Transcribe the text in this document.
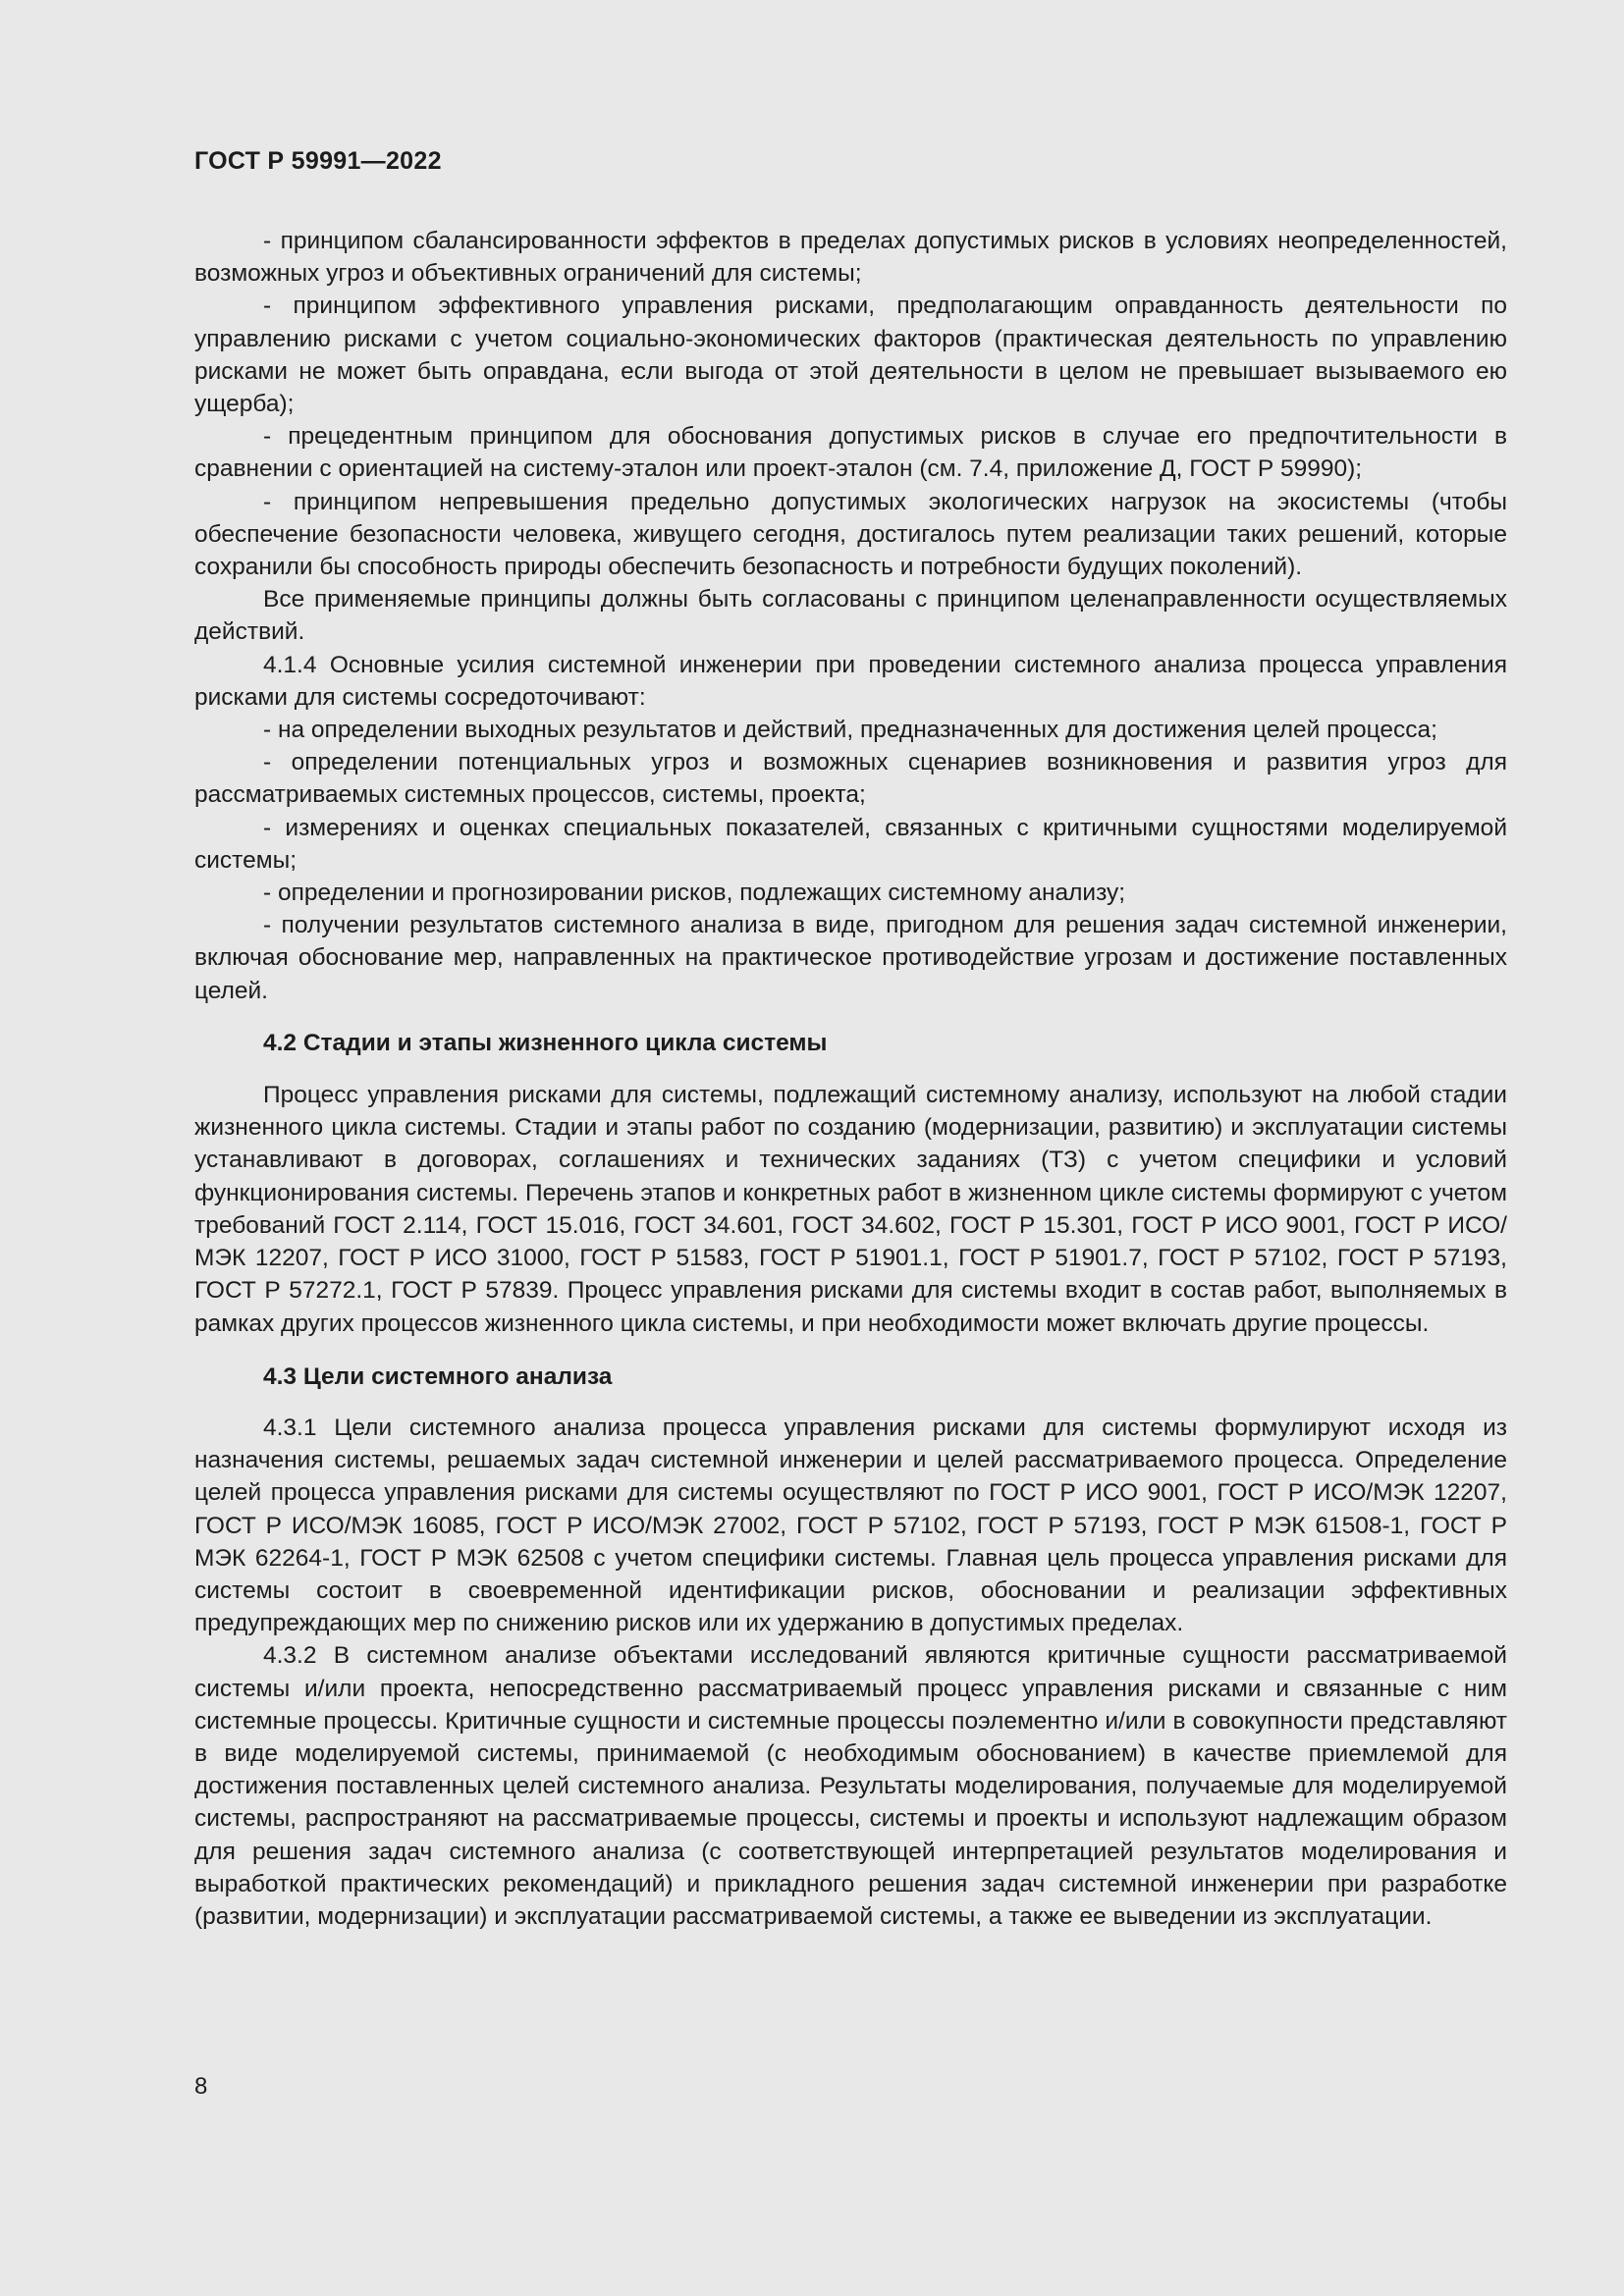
ГОСТ Р 59991—2022

- принципом сбалансированности эффектов в пределах допустимых рисков в условиях неопределенностей, возможных угроз и объективных ограничений для системы;

- принципом эффективного управления рисками, предполагающим оправданность деятельности по управлению рисками с учетом социально-экономических факторов (практическая деятельность по управлению рисками не может быть оправдана, если выгода от этой деятельности в целом не превышает вызываемого ею ущерба);

- прецедентным принципом для обоснования допустимых рисков в случае его предпочтительности в сравнении с ориентацией на систему-эталон или проект-эталон (см. 7.4, приложение Д, ГОСТ Р 59990);

- принципом непревышения предельно допустимых экологических нагрузок на экосистемы (чтобы обеспечение безопасности человека, живущего сегодня, достигалось путем реализации таких решений, которые сохранили бы способность природы обеспечить безопасность и потребности будущих поколений).

Все применяемые принципы должны быть согласованы с принципом целенаправленности осуществляемых действий.

4.1.4 Основные усилия системной инженерии при проведении системного анализа процесса управления рисками для системы сосредоточивают:

- на определении выходных результатов и действий, предназначенных для достижения целей процесса;

- определении потенциальных угроз и возможных сценариев возникновения и развития угроз для рассматриваемых системных процессов, системы, проекта;

- измерениях и оценках специальных показателей, связанных с критичными сущностями моделируемой системы;

- определении и прогнозировании рисков, подлежащих системному анализу;

- получении результатов системного анализа в виде, пригодном для решения задач системной инженерии, включая обоснование мер, направленных на практическое противодействие угрозам и достижение поставленных целей.

4.2 Стадии и этапы жизненного цикла системы

Процесс управления рисками для системы, подлежащий системному анализу, используют на любой стадии жизненного цикла системы. Стадии и этапы работ по созданию (модернизации, развитию) и эксплуатации системы устанавливают в договорах, соглашениях и технических заданиях (ТЗ) с учетом специфики и условий функционирования системы. Перечень этапов и конкретных работ в жизненном цикле системы формируют с учетом требований ГОСТ 2.114, ГОСТ 15.016, ГОСТ 34.601, ГОСТ 34.602, ГОСТ Р 15.301, ГОСТ Р ИСО 9001, ГОСТ Р ИСО/МЭК 12207, ГОСТ Р ИСО 31000, ГОСТ Р 51583, ГОСТ Р 51901.1, ГОСТ Р 51901.7, ГОСТ Р 57102, ГОСТ Р 57193, ГОСТ Р 57272.1, ГОСТ Р 57839. Процесс управления рисками для системы входит в состав работ, выполняемых в рамках других процессов жизненного цикла системы, и при необходимости может включать другие процессы.

4.3 Цели системного анализа

4.3.1 Цели системного анализа процесса управления рисками для системы формулируют исходя из назначения системы, решаемых задач системной инженерии и целей рассматриваемого процесса. Определение целей процесса управления рисками для системы осуществляют по ГОСТ Р ИСО 9001, ГОСТ Р ИСО/МЭК 12207, ГОСТ Р ИСО/МЭК 16085, ГОСТ Р ИСО/МЭК 27002, ГОСТ Р 57102, ГОСТ Р 57193, ГОСТ Р МЭК 61508-1, ГОСТ Р МЭК 62264-1, ГОСТ Р МЭК 62508 с учетом специфики системы. Главная цель процесса управления рисками для системы состоит в своевременной идентификации рисков, обосновании и реализации эффективных предупреждающих мер по снижению рисков или их удержанию в допустимых пределах.

4.3.2 В системном анализе объектами исследований являются критичные сущности рассматриваемой системы и/или проекта, непосредственно рассматриваемый процесс управления рисками и связанные с ним системные процессы. Критичные сущности и системные процессы поэлементно и/или в совокупности представляют в виде моделируемой системы, принимаемой (с необходимым обоснованием) в качестве приемлемой для достижения поставленных целей системного анализа. Результаты моделирования, получаемые для моделируемой системы, распространяют на рассматриваемые процессы, системы и проекты и используют надлежащим образом для решения задач системного анализа (с соответствующей интерпретацией результатов моделирования и выработкой практических рекомендаций) и прикладного решения задач системной инженерии при разработке (развитии, модернизации) и эксплуатации рассматриваемой системы, а также ее выведении из эксплуатации.

8
